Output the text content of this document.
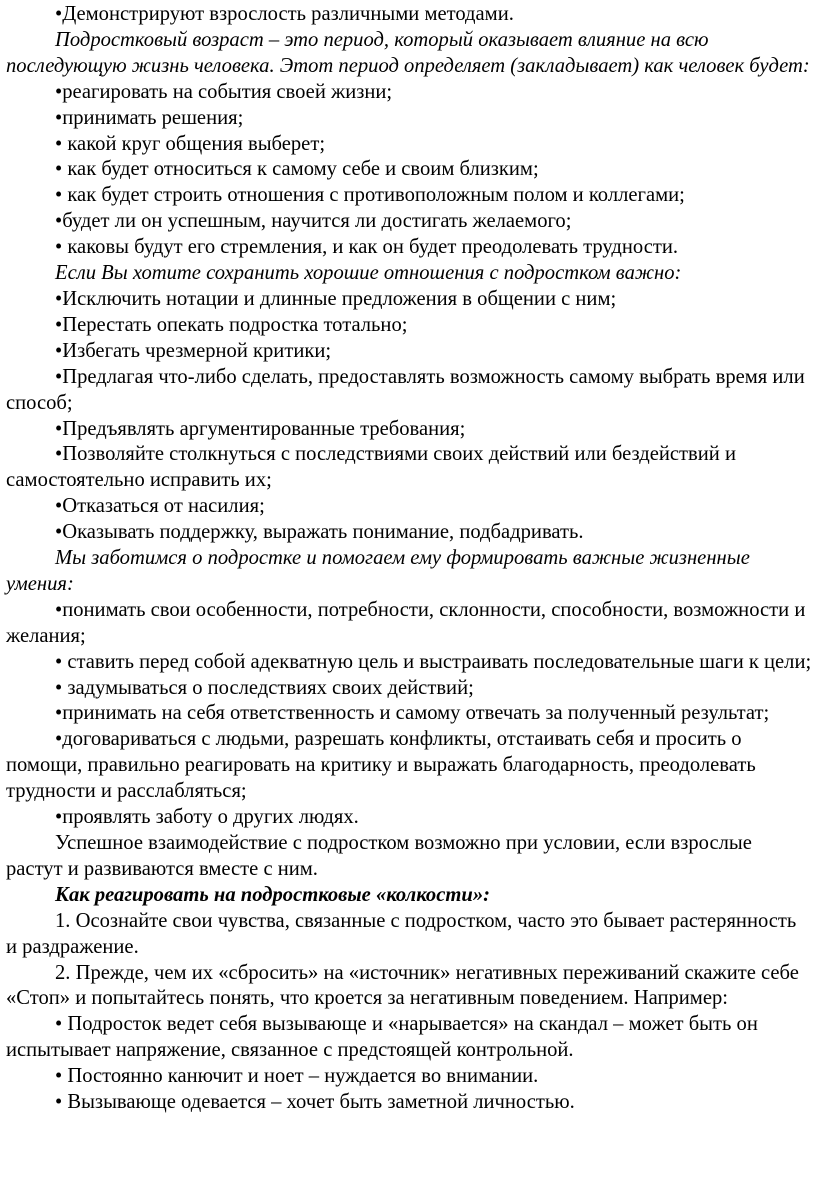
•Демонстрируют взрослость различными методами.

Подростковый возраст – это период, который оказывает влияние на всю последующую жизнь человека. Этот период определяет (закладывает) как человек будет:

•реагировать на события своей жизни;

•принимать решения;

• какой круг общения выберет;

• как будет относиться к самому себе и своим близким;

• как будет строить отношения с противоположным полом и коллегами;

•будет ли он успешным, научится ли достигать желаемого;

• каковы будут его стремления, и как он будет преодолевать трудности.

Если Вы хотите сохранить хорошие отношения с подростком важно:

•Исключить нотации и длинные предложения в общении с ним;

•Перестать опекать подростка тотально;

•Избегать чрезмерной критики;

•Предлагая что-либо сделать, предоставлять возможность самому выбрать время или способ;

•Предъявлять аргументированные требования;

•Позволяйте столкнуться с последствиями своих действий или бездействий и самостоятельно исправить их;

•Отказаться от насилия;

•Оказывать поддержку, выражать понимание, подбадривать.

Мы заботимся о подростке и помогаем ему формировать важные жизненные умения:

•понимать свои особенности, потребности, склонности, способности, возможности и желания;

• ставить перед собой адекватную цель и выстраивать последовательные шаги к цели;

• задумываться о последствиях своих действий;

•принимать на себя ответственность и самому отвечать за полученный результат;

•договариваться с людьми, разрешать конфликты, отстаивать себя и просить о помощи, правильно реагировать на критику и выражать благодарность, преодолевать трудности и расслабляться;

•проявлять заботу о других людях.

Успешное взаимодействие с подростком возможно при условии, если взрослые растут и развиваются вместе с ним.

Как реагировать на подростковые «колкости»:

1. Осознайте свои чувства, связанные с подростком, часто это бывает растерянность и раздражение.

2. Прежде, чем их «сбросить» на «источник» негативных переживаний скажите себе «Стоп» и попытайтесь понять, что кроется за негативным поведением. Например:

• Подросток ведет себя вызывающе и «нарывается» на скандал – может быть он испытывает напряжение, связанное с предстоящей контрольной.

• Постоянно канючит и ноет – нуждается во внимании.

• Вызывающе одевается – хочет быть заметной личностью.
